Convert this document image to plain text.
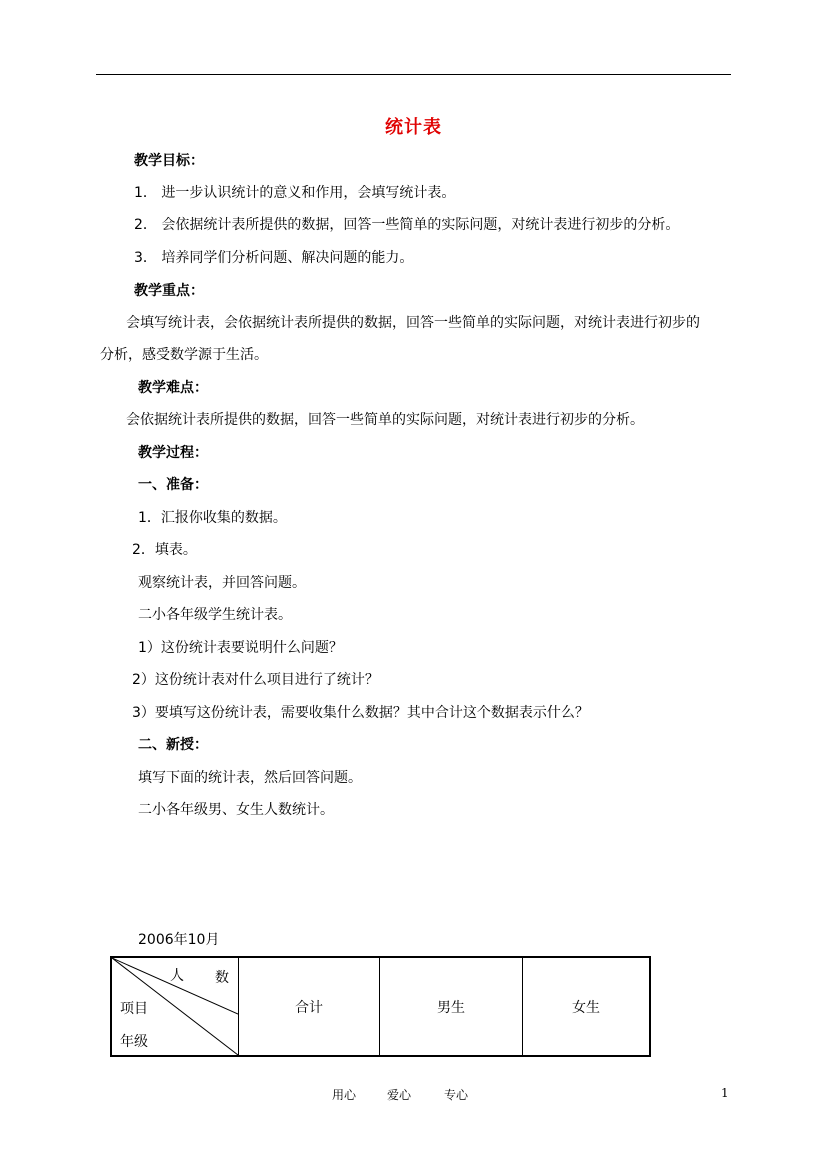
统计表
教学目标：
1． 进一步认识统计的意义和作用，会填写统计表。
2． 会依据统计表所提供的数据，回答一些简单的实际问题，对统计表进行初步的分析。
3． 培养同学们分析问题、解决问题的能力。
教学重点：
会填写统计表，会依据统计表所提供的数据，回答一些简单的实际问题，对统计表进行初步的
分析，感受数学源于生活。
教学难点：
会依据统计表所提供的数据，回答一些简单的实际问题，对统计表进行初步的分析。
教学过程：
一、准备：
1．汇报你收集的数据。
2．填表。
观察统计表，并回答问题。
二小各年级学生统计表。
1）这份统计表要说明什么问题？
2）这份统计表对什么项目进行了统计？
3）要填写这份统计表，需要收集什么数据？其中合计这个数据表示什么？
二、新授：
填写下面的统计表，然后回答问题。
二小各年级男、女生人数统计。
2006年10月
人 数
项目
年级
	合计	男生	女生
用心	爱心	专心	1
